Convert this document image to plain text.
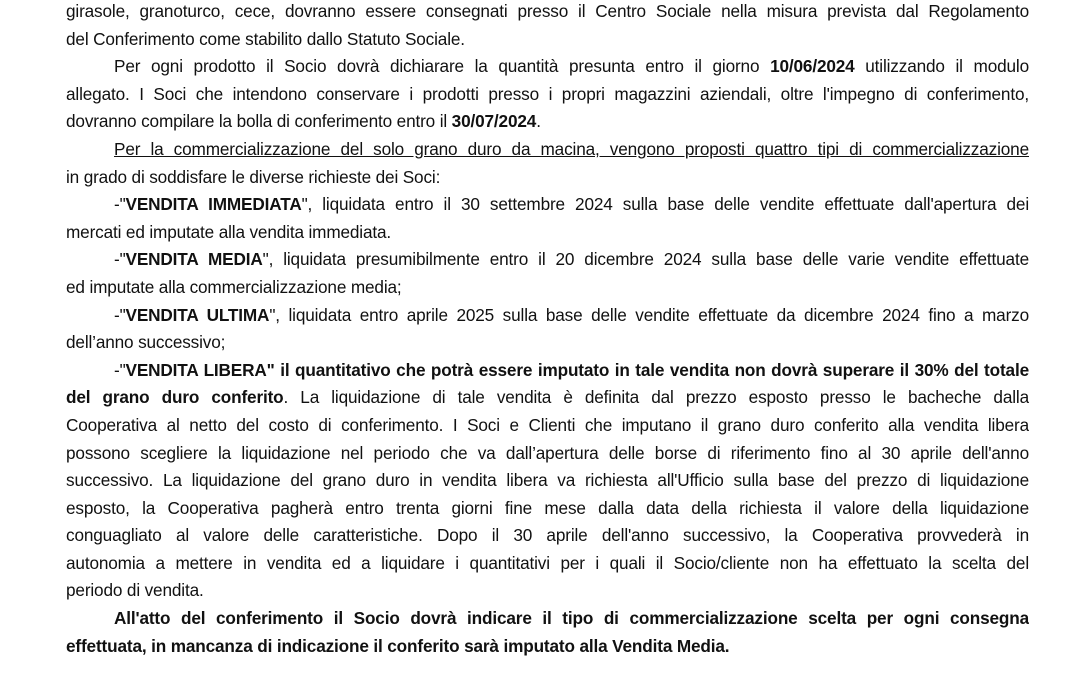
girasole, granoturco, cece, dovranno essere consegnati presso il Centro Sociale nella misura prevista dal Regolamento
del Conferimento come stabilito dallo Statuto Sociale.
Per ogni prodotto il Socio dovrà dichiarare la quantità presunta entro il giorno 10/06/2024 utilizzando il modulo
allegato. I Soci che intendono conservare i prodotti presso i propri magazzini aziendali, oltre l'impegno di conferimento,
dovranno compilare la bolla di conferimento entro il 30/07/2024.
Per la commercializzazione del solo grano duro da macina, vengono proposti quattro tipi di commercializzazione
in grado di soddisfare le diverse richieste dei Soci:
-"VENDITA IMMEDIATA", liquidata entro il 30 settembre 2024 sulla base delle vendite effettuate dall'apertura dei
mercati ed imputate alla vendita immediata.
-"VENDITA MEDIA", liquidata presumibilmente entro il 20 dicembre 2024 sulla base delle varie vendite effettuate
ed imputate alla commercializzazione media;
-"VENDITA ULTIMA", liquidata entro aprile 2025 sulla base delle vendite effettuate da dicembre 2024 fino a marzo
dell’anno successivo;
-"VENDITA LIBERA" il quantitativo che potrà essere imputato in tale vendita non dovrà superare il 30% del totale
del grano duro conferito. La liquidazione di tale vendita è definita dal prezzo esposto presso le bacheche dalla
Cooperativa al netto del costo di conferimento. I Soci e Clienti che imputano il grano duro conferito alla vendita libera
possono scegliere la liquidazione nel periodo che va dall’apertura delle borse di riferimento fino al 30 aprile dell'anno
successivo. La liquidazione del grano duro in vendita libera va richiesta all'Ufficio sulla base del prezzo di liquidazione
esposto, la Cooperativa pagherà entro trenta giorni fine mese dalla data della richiesta il valore della liquidazione
conguagliato al valore delle caratteristiche. Dopo il 30 aprile dell'anno successivo, la Cooperativa provvederà in
autonomia a mettere in vendita ed a liquidare i quantitativi per i quali il Socio/cliente non ha effettuato la scelta del
periodo di vendita.
All'atto del conferimento il Socio dovrà indicare il tipo di commercializzazione scelta per ogni consegna
effettuata, in mancanza di indicazione il conferito sarà imputato alla Vendita Media.
